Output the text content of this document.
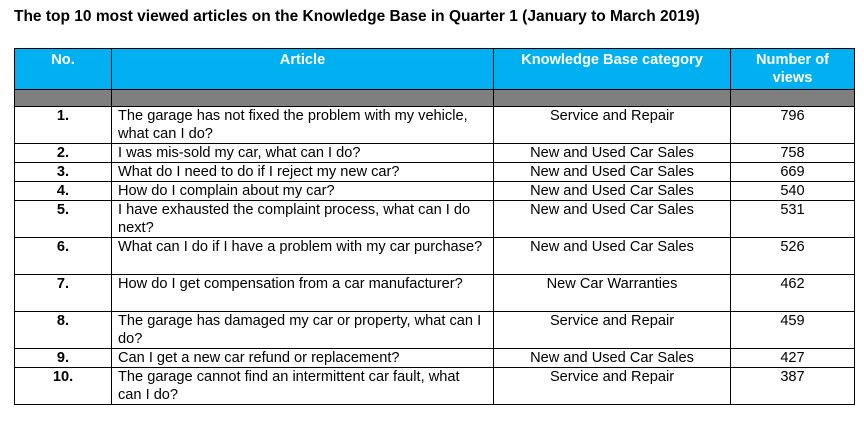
The top 10 most viewed articles on the Knowledge Base in Quarter 1 (January to March 2019)
No.	Article	Knowledge Base category	Number of views

1.	The garage has not fixed the problem with my vehicle, what can I do?	Service and Repair	796
2.	I was mis-sold my car, what can I do?	New and Used Car Sales	758
3.	What do I need to do if I reject my new car?	New and Used Car Sales	669
4.	How do I complain about my car?	New and Used Car Sales	540
5.	I have exhausted the complaint process, what can I do next?	New and Used Car Sales	531
6.	What can I do if I have a problem with my car purchase?	New and Used Car Sales	526
7.	How do I get compensation from a car manufacturer?	New Car Warranties	462
8.	The garage has damaged my car or property, what can I do?	Service and Repair	459
9.	Can I get a new car refund or replacement?	New and Used Car Sales	427
10.	The garage cannot find an intermittent car fault, what can I do?	Service and Repair	387
